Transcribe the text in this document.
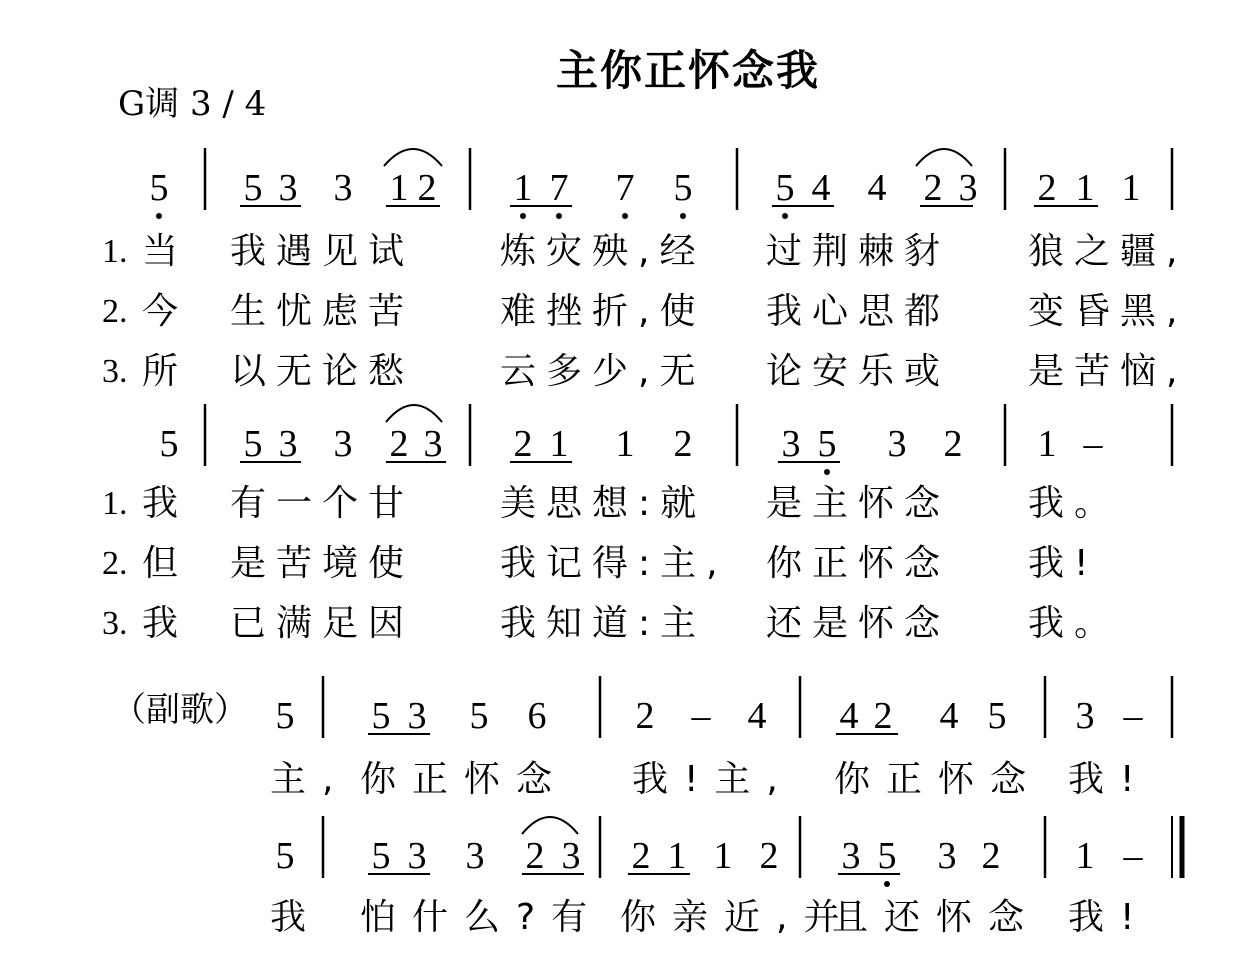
主你正怀念我
G调 3 / 4
5 5 3 3 1 2 1 7 7 5 5 4 4 2 3 2 1 1
1. 当 我遇见试 炼灾殃,经 过荆棘豺 狼之疆,
2. 今 生忧虑苦 难挫折,使 我心思都 变昏黑,
3. 所 以无论愁 云多少,无 论安乐或 是苦恼,
5 5 3 3 2 3 2 1 1 2 3 5 3 2 1 –
1. 我 有一个甘 美思想:就 是主怀念 我。
2. 但 是苦境使 我记得:主, 你正怀念 我!
3. 我 已满足因 我知道:主 还是怀念 我。
（副歌） 5 5 3 5 6 2 – 4 4 2 4 5 3 –
主, 你正怀念 我!主, 你正怀念 我!
5 5 3 3 2 3 2 1 1 2 3 5 3 2 1 –
我 怕什么?有 你亲近,并
且还怀念 我!
